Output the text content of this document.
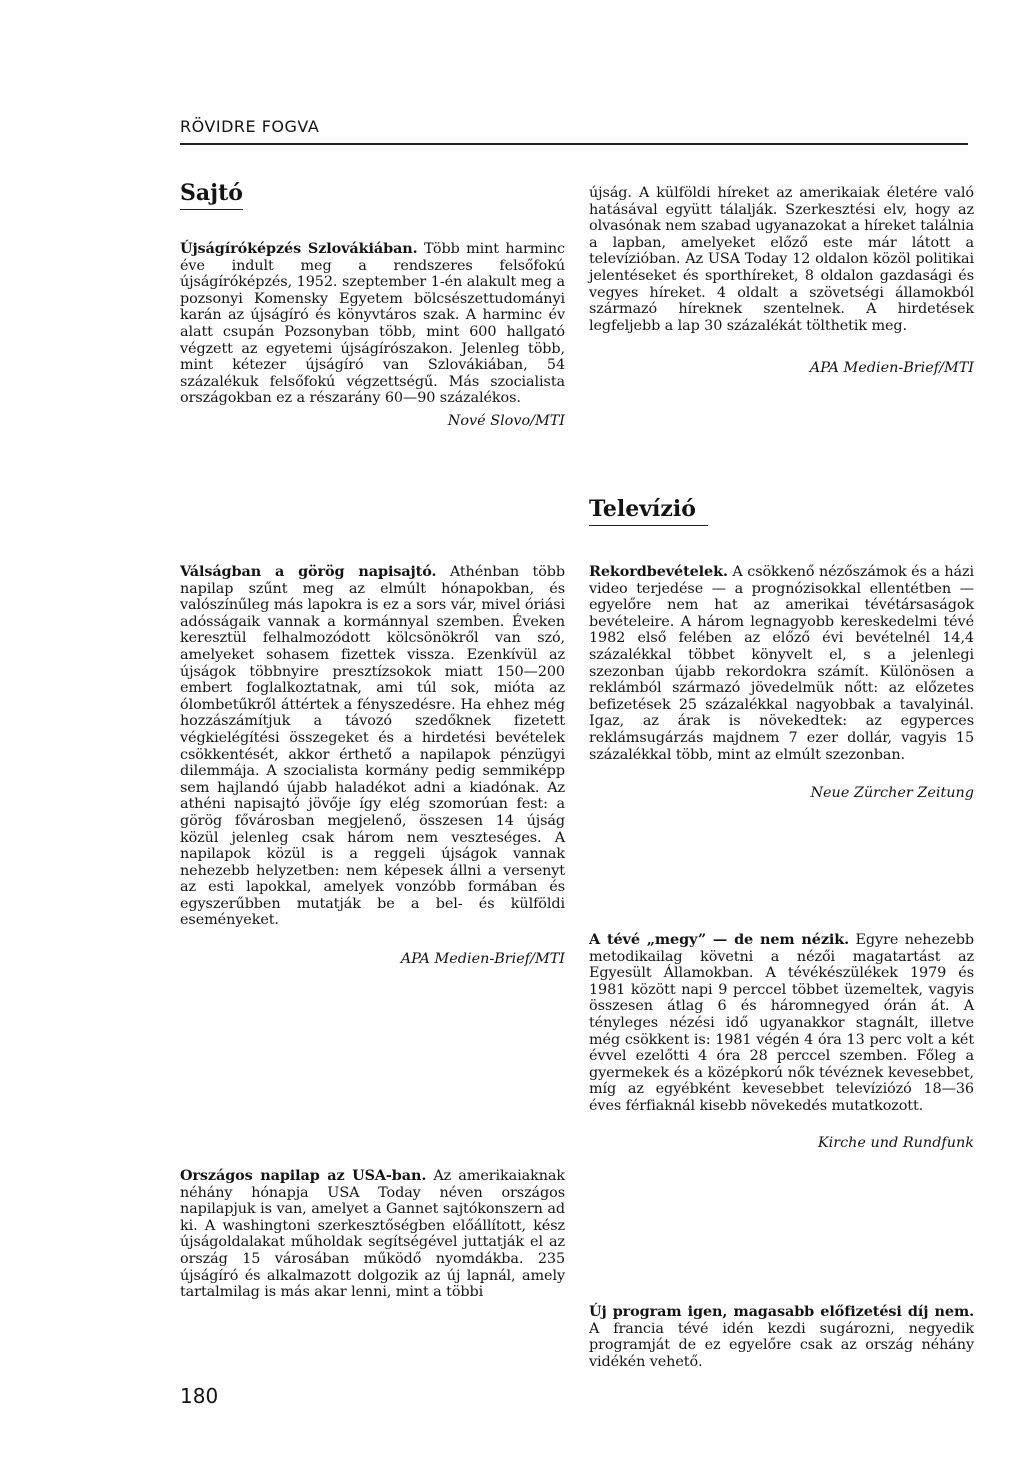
RÖVIDRE FOGVA
Sajtó

Újságíróképzés Szlovákiában. Több mint harminc éve indult meg a rendszeres felsőfokú újságíróképzés, 1952. szeptember 1-én alakult meg a pozsonyi Komensky Egyetem bölcsészettudományi karán az újságíró és könyvtáros szak. A harminc év alatt csupán Pozsonyban több, mint 600 hallgató végzett az egyetemi újságírószakon. Jelenleg több, mint kétezer újságíró van Szlovákiában, 54 százalékuk felsőfokú végzettségű. Más szocialista országokban ez a részarány 60—90 százalékos.

Nové Slovo/MTI

Válságban a görög napisajtó. Athénban több napilap szűnt meg az elmúlt hónapokban, és valószínűleg más lapokra is ez a sors vár, mivel óriási adósságaik vannak a kormánnyal szemben. Éveken keresztül felhalmozódott kölcsönökről van szó, amelyeket sohasem fizettek vissza. Ezenkívül az újságok többnyire presztízsokok miatt 150—200 embert foglalkoztatnak, ami túl sok, mióta az ólombetűkről áttértek a fényszedésre. Ha ehhez még hozzászámítjuk a távozó szedőknek fizetett végkielégítési összegeket és a hirdetési bevételek csökkentését, akkor érthető a napilapok pénzügyi dilemmája. A szocialista kormány pedig semmiképp sem hajlandó újabb haladékot adni a kiadónak. Az athéni napisajtó jövője így elég szomorúan fest: a görög fővárosban megjelenő, összesen 14 újság közül jelenleg csak három nem veszteséges. A napilapok közül is a reggeli újságok vannak nehezebb helyzetben: nem képesek állni a versenyt az esti lapokkal, amelyek vonzóbb formában és egyszerűbben mutatják be a bel- és külföldi eseményeket.

APA Medien-Brief/MTI

Országos napilap az USA-ban. Az amerikaiaknak néhány hónapja USA Today néven országos napilapjuk is van, amelyet a Gannet sajtókonszern ad ki. A washingtoni szerkesztőségben előállított, kész újságoldalakat műholdak segítségével juttatják el az ország 15 városában működő nyomdákba. 235 újságíró és alkalmazott dolgozik az új lapnál, amely tartalmilag is más akar lenni, mint a többi

180

újság. A külföldi híreket az amerikaiak életére való hatásával együtt tálalják. Szerkesztési elv, hogy az olvasónak nem szabad ugyanazokat a híreket találnia a lapban, amelyeket előző este már látott a televízióban. Az USA Today 12 oldalon közöl politikai jelentéseket és sporthíreket, 8 oldalon gazdasági és vegyes híreket. 4 oldalt a szövetségi államokból származó híreknek szentelnek. A hirdetések legfeljebb a lap 30 százalékát tölthetik meg.

APA Medien-Brief/MTI

Televízió

Rekordbevételek. A csökkenő nézőszámok és a házi video terjedése — a prognózisokkal ellentétben — egyelőre nem hat az amerikai tévétársaságok bevételeire. A három legnagyobb kereskedelmi tévé 1982 első felében az előző évi bevételnél 14,4 százalékkal többet könyvelt el, s a jelenlegi szezonban újabb rekordokra számít. Különösen a reklámból származó jövedelmük nőtt: az előzetes befizetések 25 százalékkal nagyobbak a tavalyinál. Igaz, az árak is növekedtek: az egyperces reklámsugárzás majdnem 7 ezer dollár, vagyis 15 százalékkal több, mint az elmúlt szezonban.

Neue Zürcher Zeitung

A tévé „megy” — de nem nézik. Egyre nehezebb metodikailag követni a nézői magatartást az Egyesült Államokban. A tévékészülékek 1979 és 1981 között napi 9 perccel többet üzemeltek, vagyis összesen átlag 6 és háromnegyed órán át. A tényleges nézési idő ugyanakkor stagnált, illetve még csökkent is: 1981 végén 4 óra 13 perc volt a két évvel ezelőtti 4 óra 28 perccel szemben. Főleg a gyermekek és a középkorú nők tévéznek kevesebbet, míg az egyébként kevesebbet televíziózó 18—36 éves férfiaknál kisebb növekedés mutatkozott.

Kirche und Rundfunk

Új program igen, magasabb előfizetési díj nem. A francia tévé idén kezdi sugározni, negyedik programját de ez egyelőre csak az ország néhány vidékén vehető.
